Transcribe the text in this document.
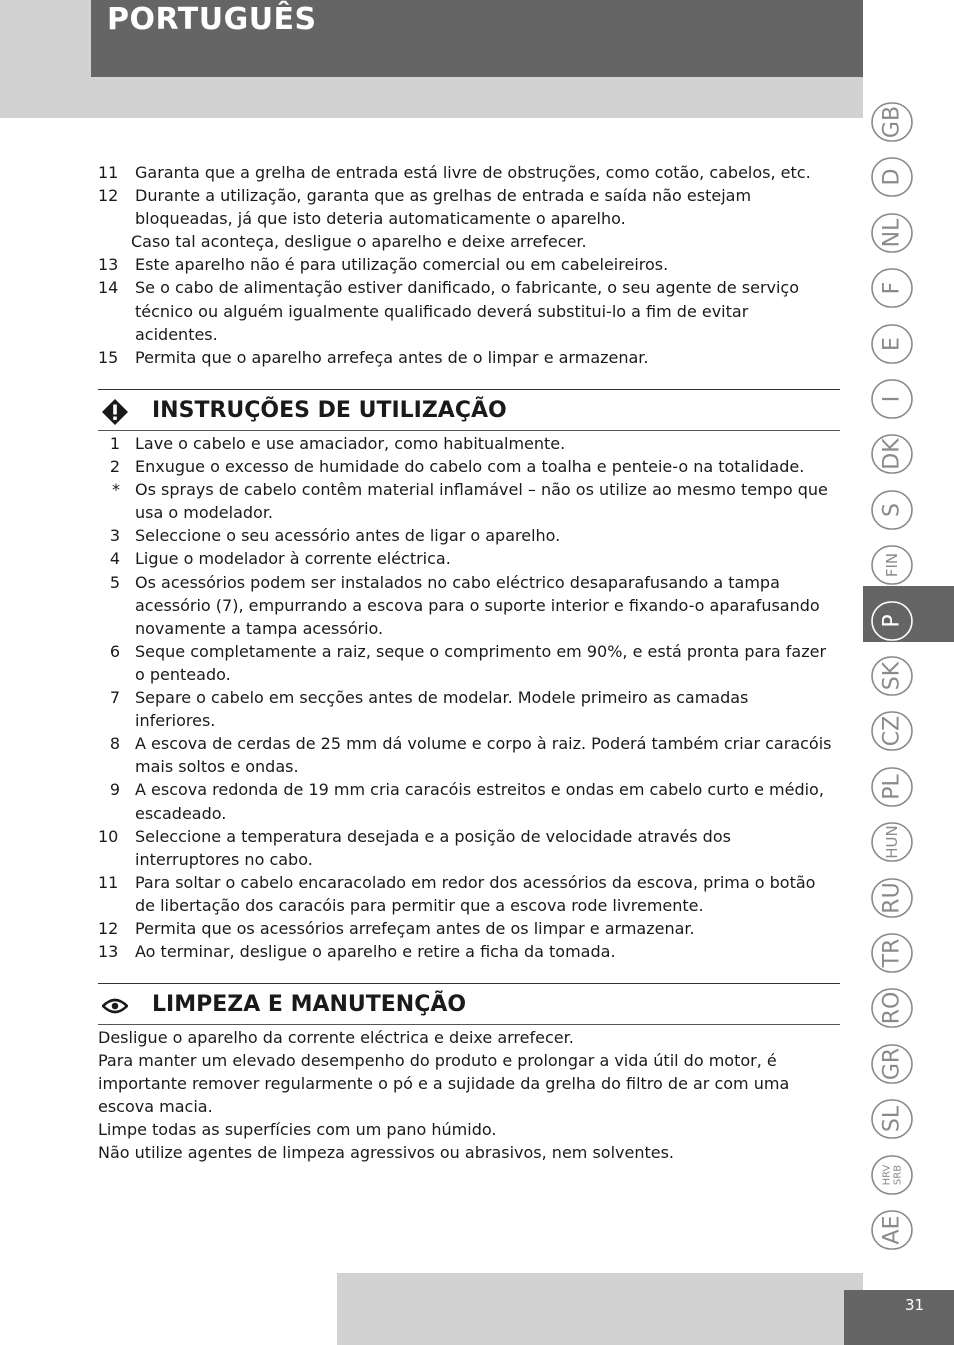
PORTUGUÊS
11 Garanta que a grelha de entrada está livre de obstruções, como cotão, cabelos, etc.
12 Durante a utilização, garanta que as grelhas de entrada e saída não estejam
bloqueadas, já que isto deteria automaticamente o aparelho.
Caso tal aconteça, desligue o aparelho e deixe arrefecer.
13 Este aparelho não é para utilização comercial ou em cabeleireiros.
14 Se o cabo de alimentação estiver danificado, o fabricante, o seu agente de serviço
técnico ou alguém igualmente qualificado deverá substitui-lo a fim de evitar
acidentes.
15 Permita que o aparelho arrefeça antes de o limpar e armazenar.
INSTRUÇÕES DE UTILIZAÇÃO
1 Lave o cabelo e use amaciador, como habitualmente.
2 Enxugue o excesso de humidade do cabelo com a toalha e penteie-o na totalidade.
* Os sprays de cabelo contêm material inflamável – não os utilize ao mesmo tempo que
usa o modelador.
3 Seleccione o seu acessório antes de ligar o aparelho.
4 Ligue o modelador à corrente eléctrica.
5 Os acessórios podem ser instalados no cabo eléctrico desaparafusando a tampa
acessório (7), empurrando a escova para o suporte interior e fixando-o aparafusando
novamente a tampa acessório.
6 Seque completamente a raiz, seque o comprimento em 90%, e está pronta para fazer
o penteado.
7 Separe o cabelo em secções antes de modelar. Modele primeiro as camadas
inferiores.
8 A escova de cerdas de 25 mm dá volume e corpo à raiz. Poderá também criar caracóis
mais soltos e ondas.
9 A escova redonda de 19 mm cria caracóis estreitos e ondas em cabelo curto e médio,
escadeado.
10 Seleccione a temperatura desejada e a posição de velocidade através dos
interruptores no cabo.
11 Para soltar o cabelo encaracolado em redor dos acessórios da escova, prima o botão
de libertação dos caracóis para permitir que a escova rode livremente.
12 Permita que os acessórios arrefeçam antes de os limpar e armazenar.
13 Ao terminar, desligue o aparelho e retire a ficha da tomada.
LIMPEZA E MANUTENÇÃO
Desligue o aparelho da corrente eléctrica e deixe arrefecer.
Para manter um elevado desempenho do produto e prolongar a vida útil do motor, é
importante remover regularmente o pó e a sujidade da grelha do filtro de ar com uma
escova macia.
Limpe todas as superfícies com um pano húmido.
Não utilize agentes de limpeza agressivos ou abrasivos, nem solventes.
GB
D
NL
F
E
I
DK
S
FIN
P
SK
CZ
PL
HUN
RU
TR
RO
GR
SL
HRV SRB
AE
31
